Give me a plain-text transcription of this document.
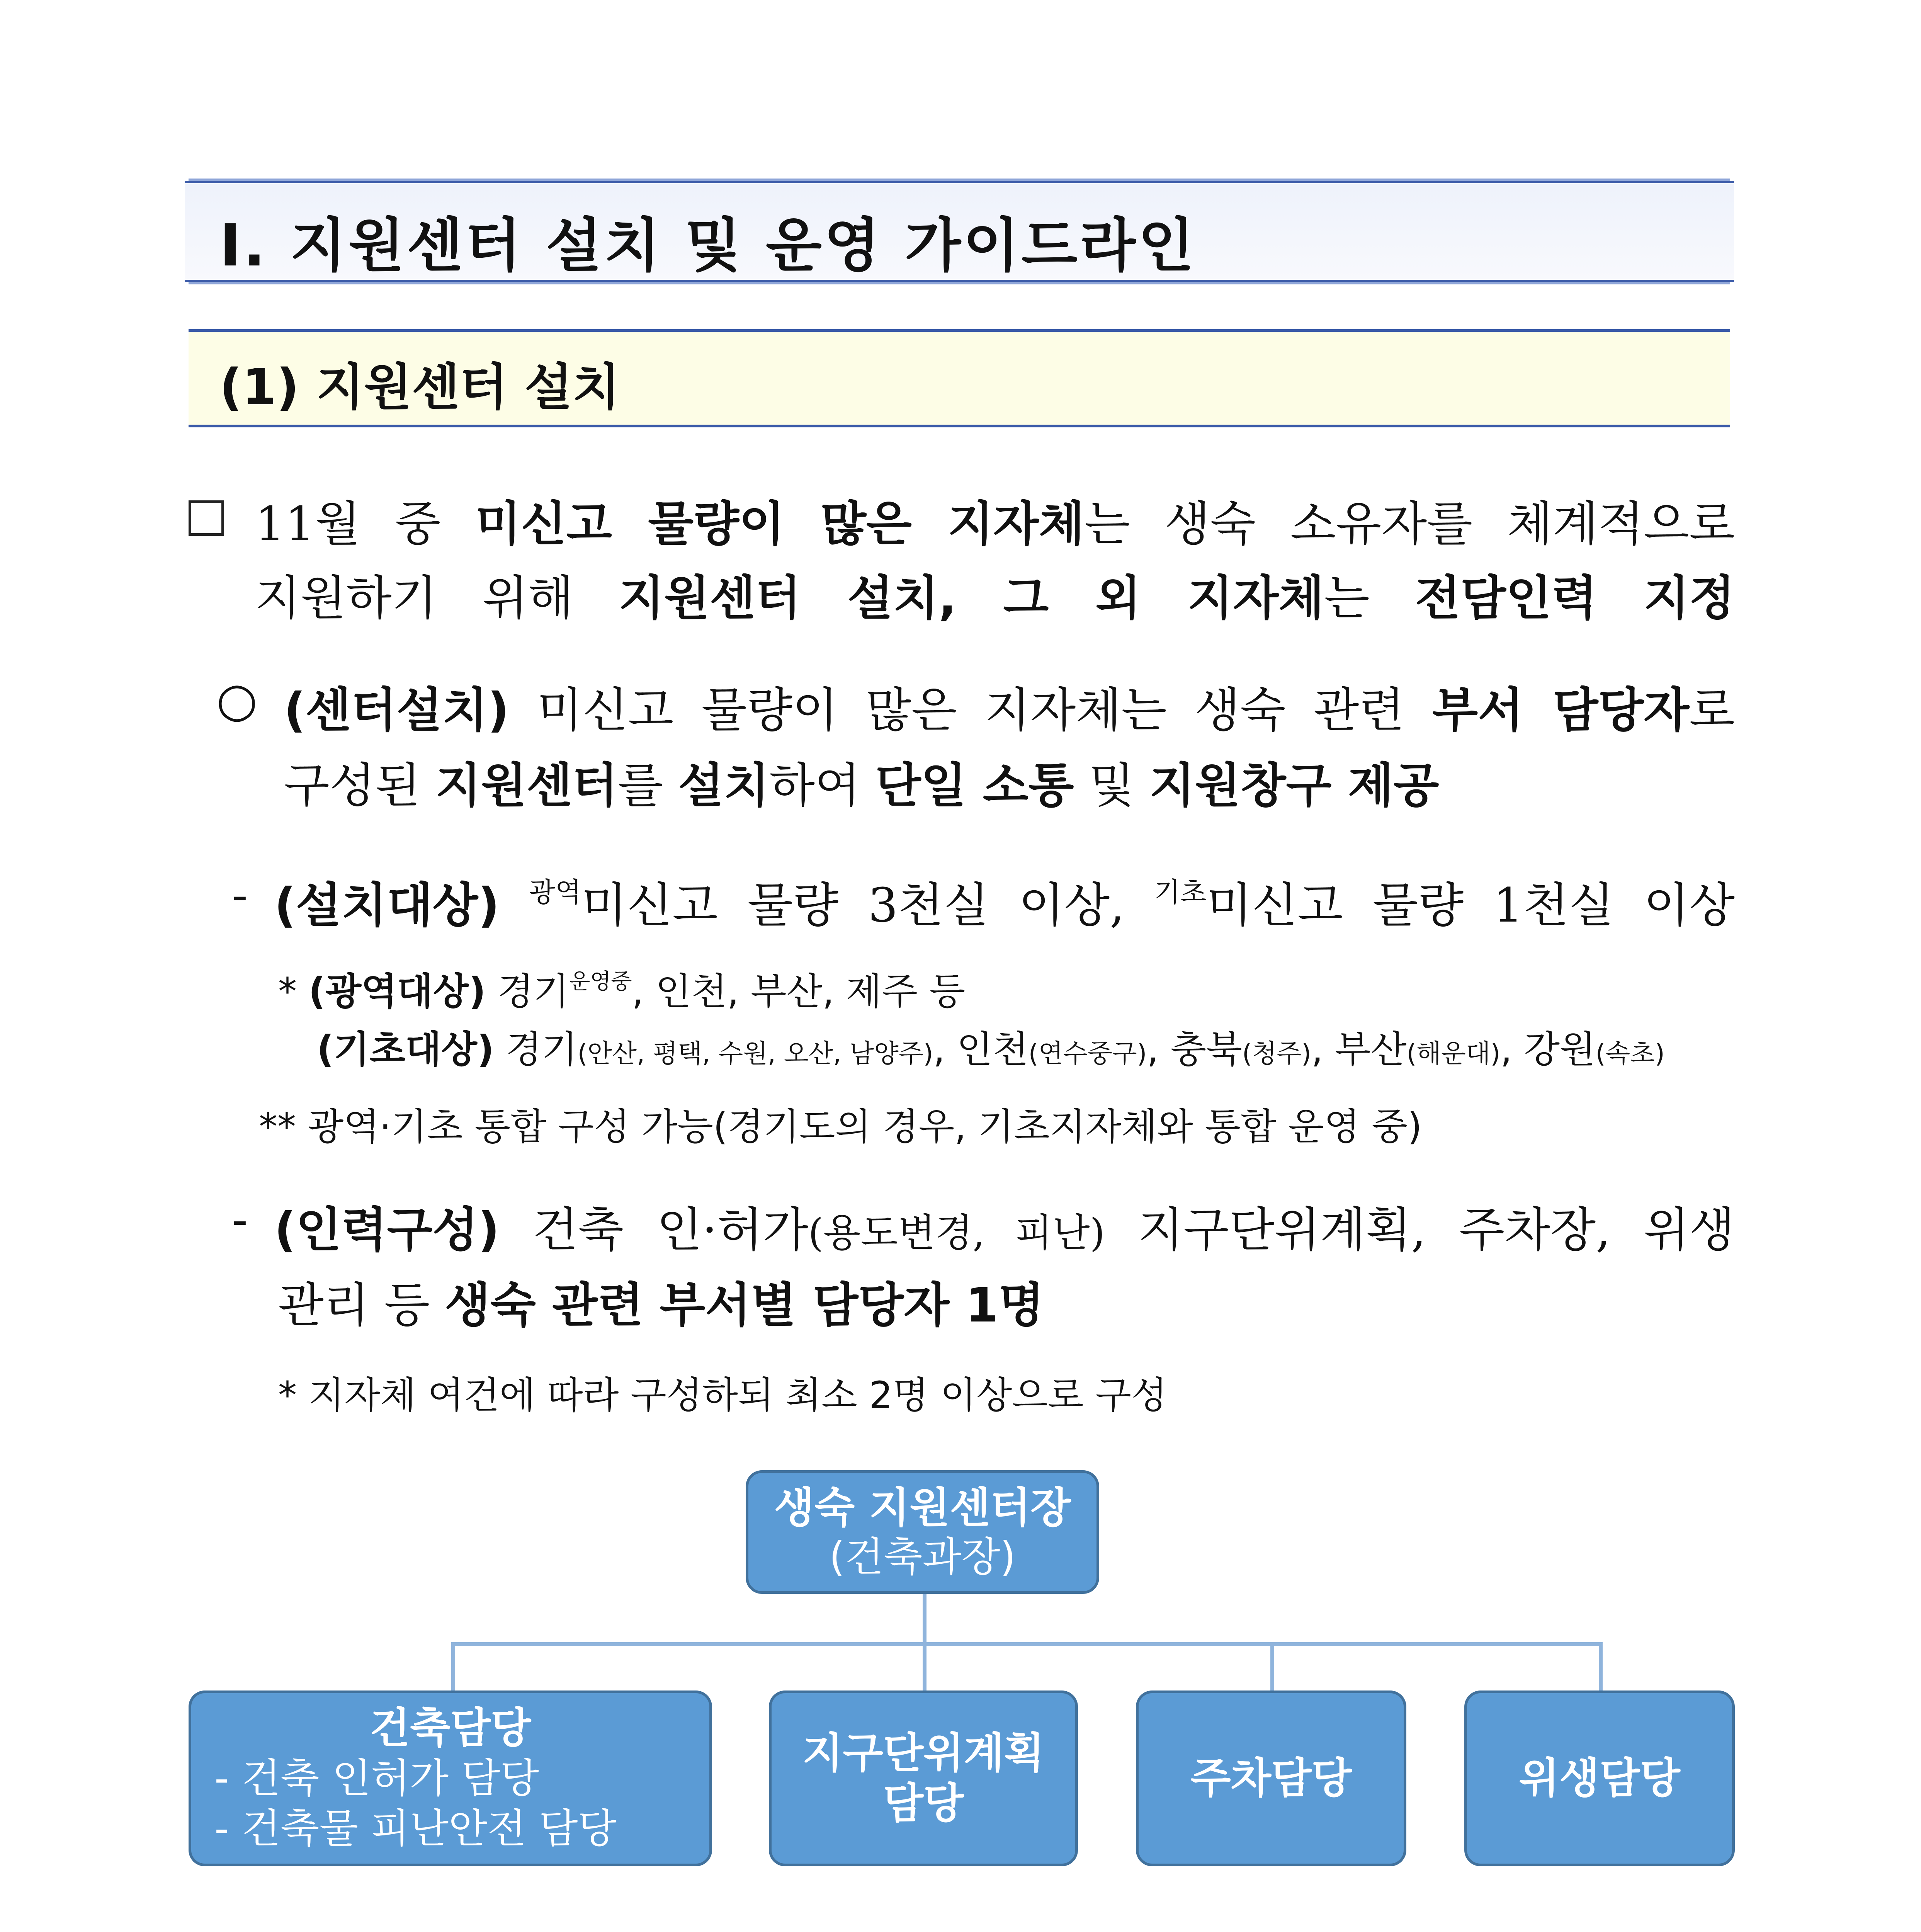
Ⅰ. 지원센터 설치 및 운영 가이드라인
(1) 지원센터 설치
11월 중 미신고 물량이 많은 지자체는 생숙 소유자를 체계적으로
지원하기 위해 지원센터 설치, 그 외 지자체는 전담인력 지정
○ (센터설치) 미신고 물량이 많은 지자체는 생숙 관련 부서 담당자로
구성된 지원센터를 설치하여 단일 소통 및 지원창구 제공
- (설치대상) $^{광역}$미신고 물량 3천실 이상, $^{기초}$미신고 물량 1천실 이상
* (광역대상) 경기$^{운영중}$, 인천, 부산, 제주 등
(기초대상) 경기(안산, 평택, 수원, 오산, 남양주), 인천(연수중구), 충북(청주), 부산(해운대), 강원(속초)
** 광역·기초 통합 구성 가능(경기도의 경우, 기초지자체와 통합 운영 중)
- (인력구성) 건축 인·허가(용도변경, 피난) 지구단위계획, 주차장, 위생
관리 등 생숙 관련 부서별 담당자 1명
* 지자체 여건에 따라 구성하되 최소 2명 이상으로 구성
생숙 지원센터장
(건축과장)
건축담당
- 건축 인허가 담당
- 건축물 피난안전 담당
지구단위계획
담당
주차담당	위생담당
